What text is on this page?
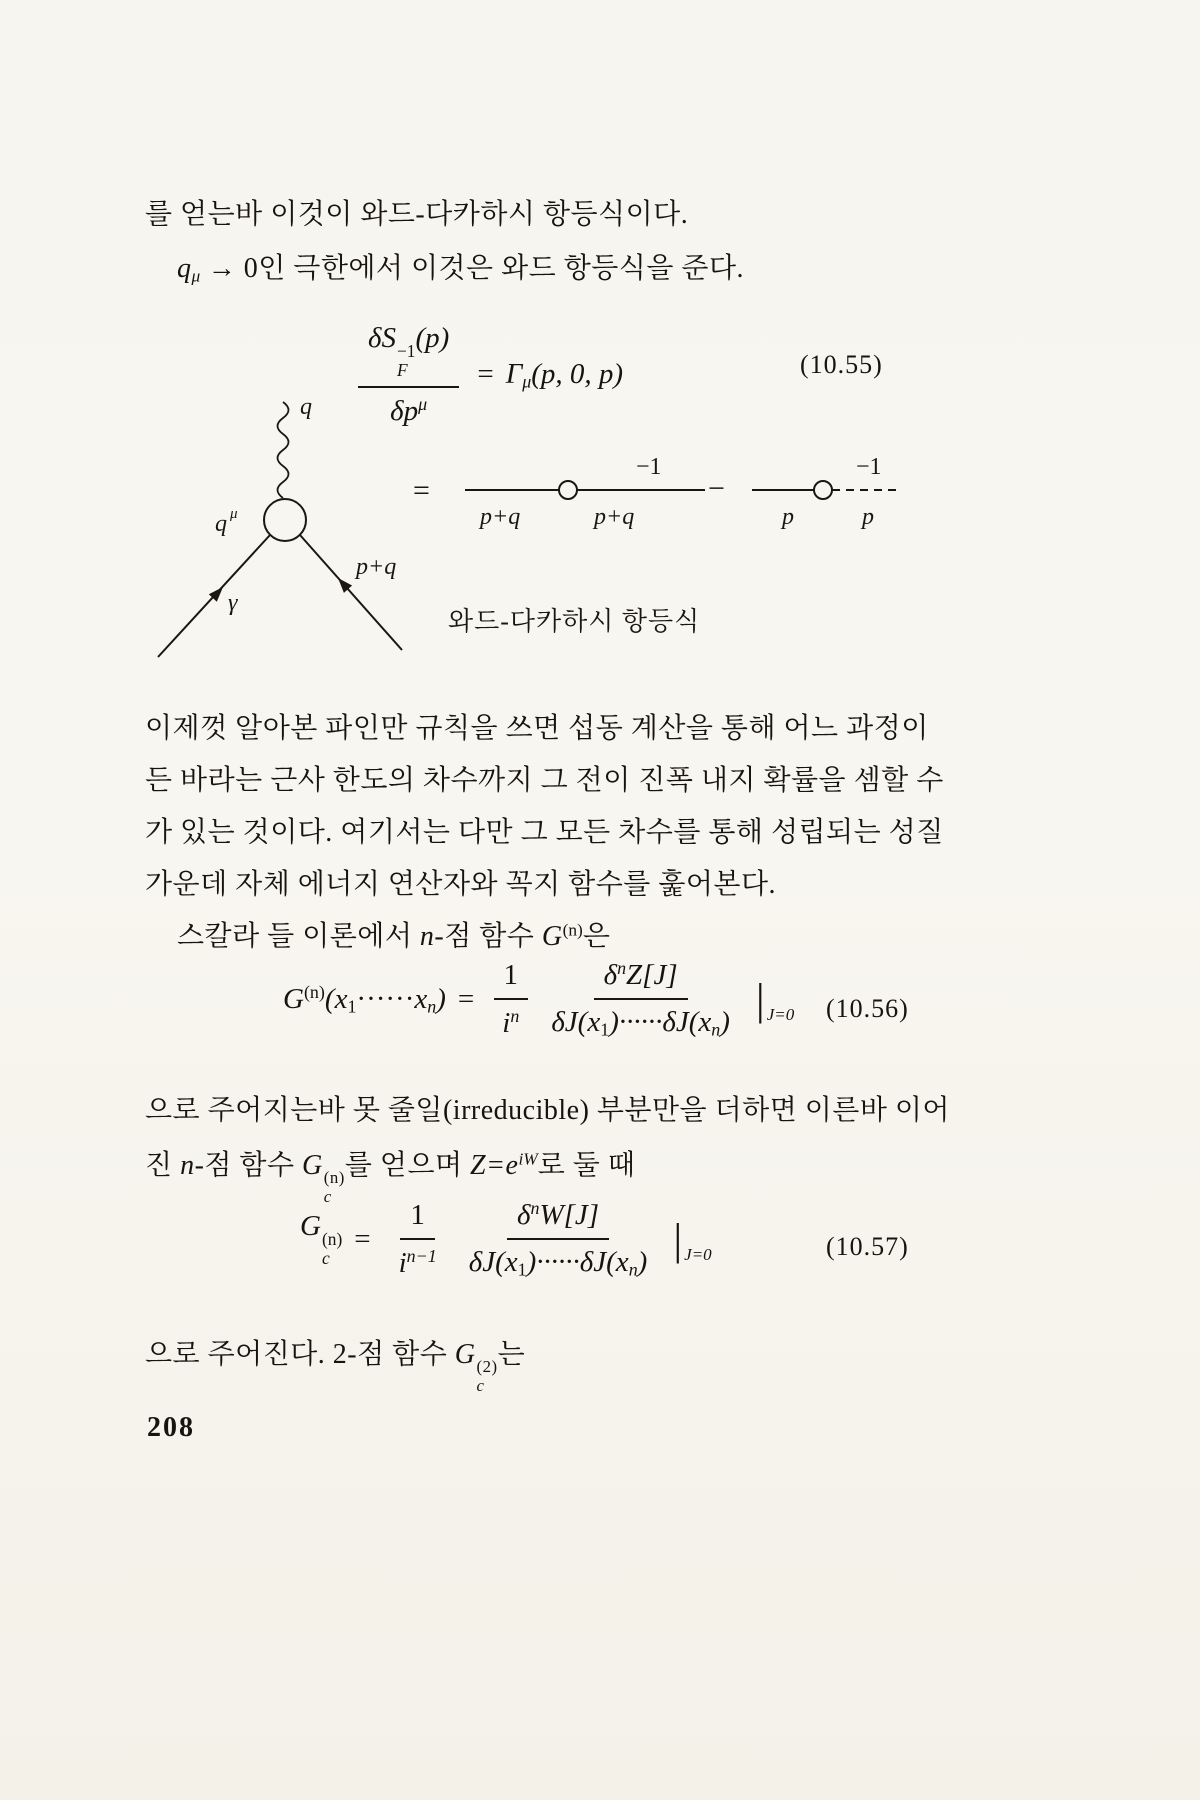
를 얻는바 이것이 와드-다카하시 항등식이다.
$q_\mu \to 0$인 극한에서 이것은 와드 항등식을 준다.
δS −1
F
(p)
$\delta p^\mu = \Gamma_\mu(p$, 0, p)	(10.55)
q
q μ
γ
p+q
=
p+q
−1
p+q
−
−1
p	p
와드-다카하시 항등식
이제껏 알아본 파인만 규칙을 쓰면 섭동 계산을 통해 어느 과정이
든 바라는 근사 한도의 차수까지 그 전이 진폭 내지 확률을 셈할 수
가 있는 것이다. 여기서는 다만 그 모든 차수를 통해 성립되는 성질
가운데 자체 에너지 연산자와 꼭지 함수를 훑어본다.
스칼라 들 이론에서 n-점 함수 $G^{(n)}$은
$G^{(n)}(x_1\cdot\cdot\cdot\cdot\cdot\cdot x_n) = \frac{1}{i^n} \frac{\delta^nZ[J]}{\delta J(x_1)\cdot\cdot\cdot\cdot\cdot\cdot\delta J(x_n)}$ | $_{J=0}$ (10.56)
으로 주어지는바 못 줄일(irreducible) 부분만을 더하면 이른바 이어
진 n-점 함수 G (n)
c
를 얻으며 $Z=e^{iW}$로 둘 때
G (n)
c
= $\frac{1}{i^{n-1}} \frac{\delta^nW[J]}{\delta J(x_1)\cdot\cdot\cdot\cdot\cdot\cdot\delta J(x_n)}$ | $_{J=0}$	(10.57)
으로 주어진다. 2-점 함수 G (2)
c
는
208
